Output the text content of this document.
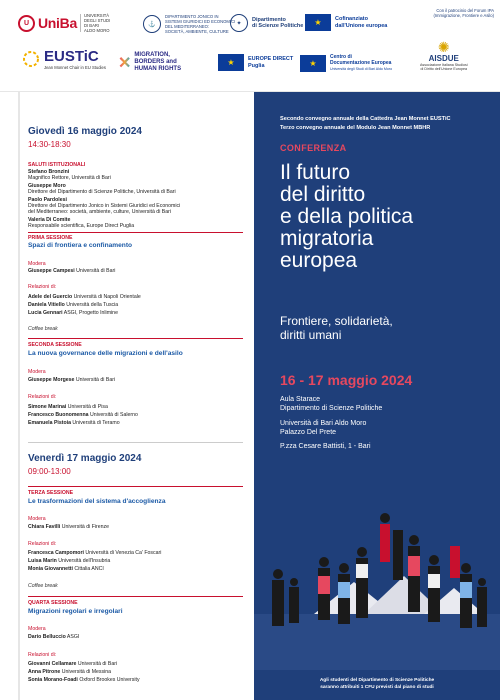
U UniBa UNIVERSITÀ
DEGLI STUDI
DI BARI
ALDO MORO
⚓
DIPARTIMENTO JONICO IN
SISTEMI GIURIDICI ED ECONOMICI
DEL MEDITERRANEO:
SOCIETÀ, AMBIENTE, CULTURE
✦
Dipartimento
di Scienze Politiche	★	Cofinanziato
dall'Unione europea
Con il patrocinio del Forum IPA
(Immigrazione, Frontiere e Asilo)
EUSTiC
Jean Monnet Chair in EU Studies ✕ MIGRATION,
BORDERS and
HUMAN RIGHTS
★	EUROPE DIRECT
Puglia	★
Centro di
Documentazione Europea
Università degli Studi di Bari Aldo Moro
✺
AISDUE
Associazione Italiana Studiosi
di Diritto dell'Unione Europea
Giovedì 16 maggio 2024
14:30-18:30
SALUTI ISTITUZIONALI
Stefano Bronzini
Magnifico Rettore, Università di Bari
Giuseppe Moro
Direttore del Dipartimento di Scienze Politiche, Università di Bari
Paolo Pardolesi
Direttore del Dipartimento Jonico in Sistemi Giuridici ed Economici
del Mediterraneo: società, ambiente, culture, Università di Bari
Valeria Di Comite
Responsabile scientifica, Europe Direct Puglia
PRIMA SESSIONE
Spazi di frontiera e confinamento
Modera
Giuseppe Campesi Università di Bari
Relazioni di:
Adele del Guercio Università di Napoli Orientale
Daniela Vitiello Università della Tuscia
Lucia Gennari ASGI, Progetto Inlimine
Coffee break
SECONDA SESSIONE
La nuova governance delle migrazioni e dell'asilo
Modera
Giuseppe Morgese Università di Bari
Relazioni di:
Simone Marinai Università di Pisa
Francesco Buonomenna Università di Salerno
Emanuela Pistoia Università di Teramo
Venerdì 17 maggio 2024
09:00-13:00
TERZA SESSIONE
Le trasformazioni del sistema d'accoglienza
Modera
Chiara Favilli Università di Firenze
Relazioni di:
Francesca Campomori Università di Venezia Ca' Foscari
Luisa Marin Università dell'Insubria
Monia Giovannetti Cittalia ANCI
Coffee break
QUARTA SESSIONE
Migrazioni regolari e irregolari
Modera
Dario Belluccio ASGI
Relazioni di:
Giovanni Cellamare Università di Bari
Anna Pitrone Università di Messina
Sonia Morano-Foadi Oxford Brookes University
Secondo convegno annuale della Cattedra Jean Monnet EUSTiC
Terzo convegno annuale del Modulo Jean Monnet MBHR
CONFERENZA
Il futuro
del diritto
e della politica
migratoria
europea
Frontiere, solidarietà,
diritti umani
16 - 17 maggio 2024
Aula Starace
Dipartimento di Scienze Politiche
Università di Bari Aldo Moro
Palazzo Del Prete
P.zza Cesare Battisti, 1 - Bari
Agli studenti del Dipartimento di Scienze Politiche
saranno attribuiti 1 CFU previsti dal piano di studi
